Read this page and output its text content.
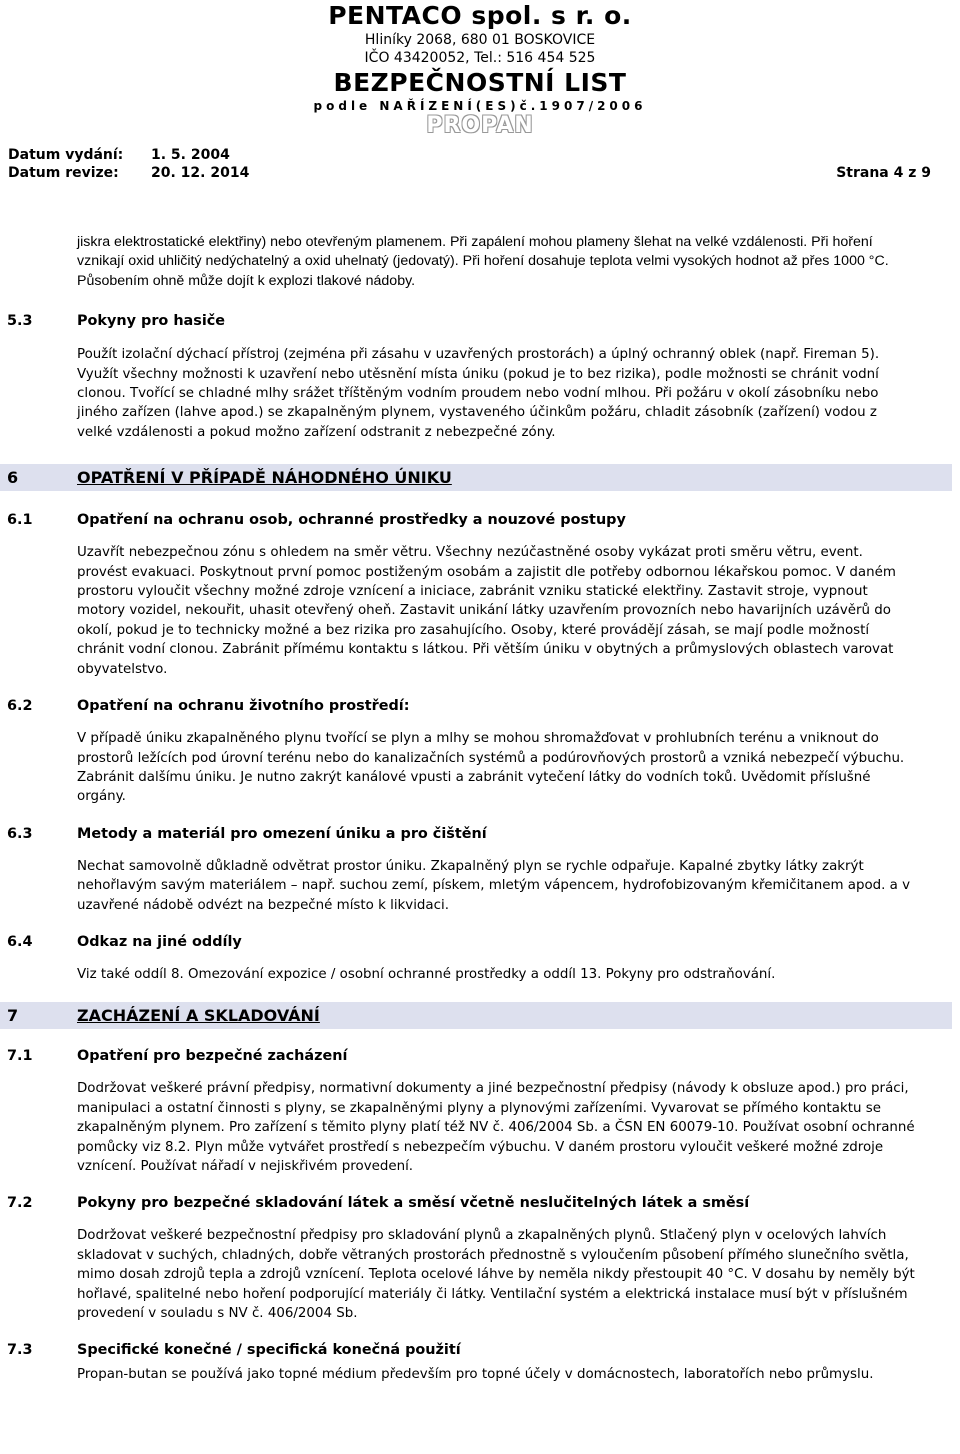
PENTACO spol. s r. o.
Hliníky 2068, 680 01 BOSKOVICE
IČO 43420052, Tel.: 516 454 525
BEZPEČNOSTNÍ LIST
podle NAŘÍZENÍ(ES)č.1907/2006
PROPAN
Datum vydání: 1. 5. 2004
Datum revize: 20. 12. 2014	Strana 4 z 9

jiskra elektrostatické elektřiny) nebo otevřeným plamenem. Při zapálení mohou plameny šlehat na velké vzdálenosti. Při hoření vznikají oxid uhličitý nedýchatelný a oxid uhelnatý (jedovatý). Při hoření dosahuje teplota velmi vysokých hodnot až přes 1000 °C. Působením ohně může dojít k explozi tlakové nádoby.

5.3	Pokyny pro hasiče

Použít izolační dýchací přístroj (zejména při zásahu v uzavřených prostorách) a úplný ochranný oblek (např. Fireman 5). Využít všechny možnosti k uzavření nebo utěsnění místa úniku (pokud je to bez rizika), podle možnosti se chránit vodní clonou. Tvořící se chladné mlhy srážet tříštěným vodním proudem nebo vodní mlhou. Při požáru v okolí zásobníku nebo jiného zařízen (lahve apod.) se zkapalněným plynem, vystaveného účinkům požáru, chladit zásobník (zařízení) vodou z velké vzdálenosti a pokud možno zařízení odstranit z nebezpečné zóny.

6	OPATŘENÍ V PŘÍPADĚ NÁHODNÉHO ÚNIKU
6.1	Opatření na ochranu osob, ochranné prostředky a nouzové postupy

Uzavřít nebezpečnou zónu s ohledem na směr větru. Všechny nezúčastněné osoby vykázat proti směru větru, event. provést evakuaci. Poskytnout první pomoc postiženým osobám a zajistit dle potřeby odbornou lékařskou pomoc. V daném prostoru vyloučit všechny možné zdroje vznícení a iniciace, zabránit vzniku statické elektřiny. Zastavit stroje, vypnout motory vozidel, nekouřit, uhasit otevřený oheň. Zastavit unikání látky uzavřením provozních nebo havarijních uzávěrů do okolí, pokud je to technicky možné a bez rizika pro zasahujícího. Osoby, které provádějí zásah, se mají podle možností chránit vodní clonou. Zabránit přímému kontaktu s látkou. Při větším úniku v obytných a průmyslových oblastech varovat obyvatelstvo.

6.2	Opatření na ochranu životního prostředí:

V případě úniku zkapalněného plynu tvořící se plyn a mlhy se mohou shromažďovat v prohlubních terénu a vniknout do prostorů ležících pod úrovní terénu nebo do kanalizačních systémů a podúrovňových prostorů a vzniká nebezpečí výbuchu. Zabránit dalšímu úniku. Je nutno zakrýt kanálové vpusti a zabránit vytečení látky do vodních toků. Uvědomit příslušné orgány.

6.3	Metody a materiál pro omezení úniku a pro čištění

Nechat samovolně důkladně odvětrat prostor úniku. Zkapalněný plyn se rychle odpařuje. Kapalné zbytky látky zakrýt nehořlavým savým materiálem – např. suchou zemí, pískem, mletým vápencem, hydrofobizovaným křemičitanem apod. a v uzavřené nádobě odvézt na bezpečné místo k likvidaci.

6.4	Odkaz na jiné oddíly

Viz také oddíl 8. Omezování expozice / osobní ochranné prostředky a oddíl 13. Pokyny pro odstraňování.

7	ZACHÁZENÍ A SKLADOVÁNÍ
7.1	Opatření pro bezpečné zacházení

Dodržovat veškeré právní předpisy, normativní dokumenty a jiné bezpečnostní předpisy (návody k obsluze apod.) pro práci, manipulaci a ostatní činnosti s plyny, se zkapalněnými plyny a plynovými zařízeními. Vyvarovat se přímého kontaktu se zkapalněným plynem. Pro zařízení s těmito plyny platí též NV č. 406/2004 Sb. a ČSN EN 60079-10. Používat osobní ochranné pomůcky viz 8.2. Plyn může vytvářet prostředí s nebezpečím výbuchu. V daném prostoru vyloučit veškeré možné zdroje vznícení. Používat nářadí v nejiskřivém provedení.

7.2	Pokyny pro bezpečné skladování látek a směsí včetně neslučitelných látek a směsí

Dodržovat veškeré bezpečnostní předpisy pro skladování plynů a zkapalněných plynů. Stlačený plyn v ocelových lahvích skladovat v suchých, chladných, dobře větraných prostorách přednostně s vyloučením působení přímého slunečního světla, mimo dosah zdrojů tepla a zdrojů vznícení. Teplota ocelové láhve by neměla nikdy přestoupit 40 °C. V dosahu by neměly být hořlavé, spalitelné nebo hoření podporující materiály či látky. Ventilační systém a elektrická instalace musí být v příslušném provedení v souladu s NV č. 406/2004 Sb.

7.3	Specifické konečné / specifická konečná použití

Propan-butan se používá jako topné médium především pro topné účely v domácnostech, laboratořích nebo průmyslu.
